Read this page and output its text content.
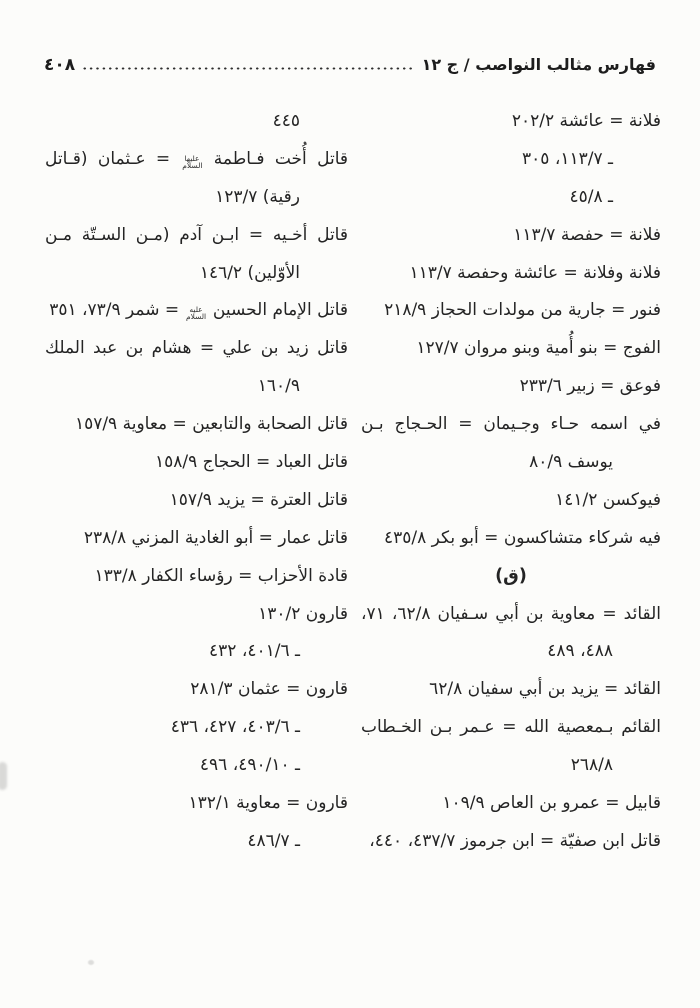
فهارس مثالب النواصب / ج ١٢
٤٠٨
فلانة = عائشة ٢٠٢/٢
ـ ١١٣/٧، ٣٠٥
ـ ٤٥/٨
فلانة = حفصة ١١٣/٧
فلانة وفلانة = عائشة وحفصة ١١٣/٧
فنور = جارية من مولدات الحجاز ٢١٨/٩
الفوج = بنو أُمية وبنو مروان ١٢٧/٧
فوعق = زبير ٢٣٣/٦
في اسمه حـاء وجـيمان = الحـجاج بـن
يوسف ٨٠/٩
فيوكسن ١٤١/٢
فيه شركاء متشاكسون = أبو بكر ٤٣٥/٨
(ق)
القائد = معاوية بن أبي سـفيان ٦٢/٨، ٧١،
٤٨٨، ٤٨٩
القائد = يزيد بن أبي سفيان ٦٢/٨
القائم بـمعصية الله = عـمر بـن الخـطاب
٢٦٨/٨
قابيل = عمرو بن العاص ١٠٩/٩
قاتل ابن صفيّة = ابن جرموز ٤٣٧/٧، ٤٤٠،
٤٤٥
قاتل أُخت فـاطمة عليها السلام = عـثمان (قـاتل
رقية) ١٢٣/٧
قاتل أخـيه = ابـن آدم (مـن السـتّة مـن
الأوّلين) ١٤٦/٢
قاتل الإمام الحسين عليه السلام = شمر ٧٣/٩، ٣٥١
قاتل زيد بن علي = هشام بن عبد الملك
١٦٠/٩
قاتل الصحابة والتابعين = معاوية ١٥٧/٩
قاتل العباد = الحجاج ١٥٨/٩
قاتل العترة = يزيد ١٥٧/٩
قاتل عمار = أبو الغادية المزني ٢٣٨/٨
قادة الأحزاب = رؤساء الكفار ١٣٣/٨
قارون ١٣٠/٢
ـ ٤٠١/٦، ٤٣٢
قارون = عثمان ٢٨١/٣
ـ ٤٠٣/٦، ٤٢٧، ٤٣٦
ـ ٤٩٠/١٠، ٤٩٦
قارون = معاوية ١٣٢/١
ـ ٤٨٦/٧
